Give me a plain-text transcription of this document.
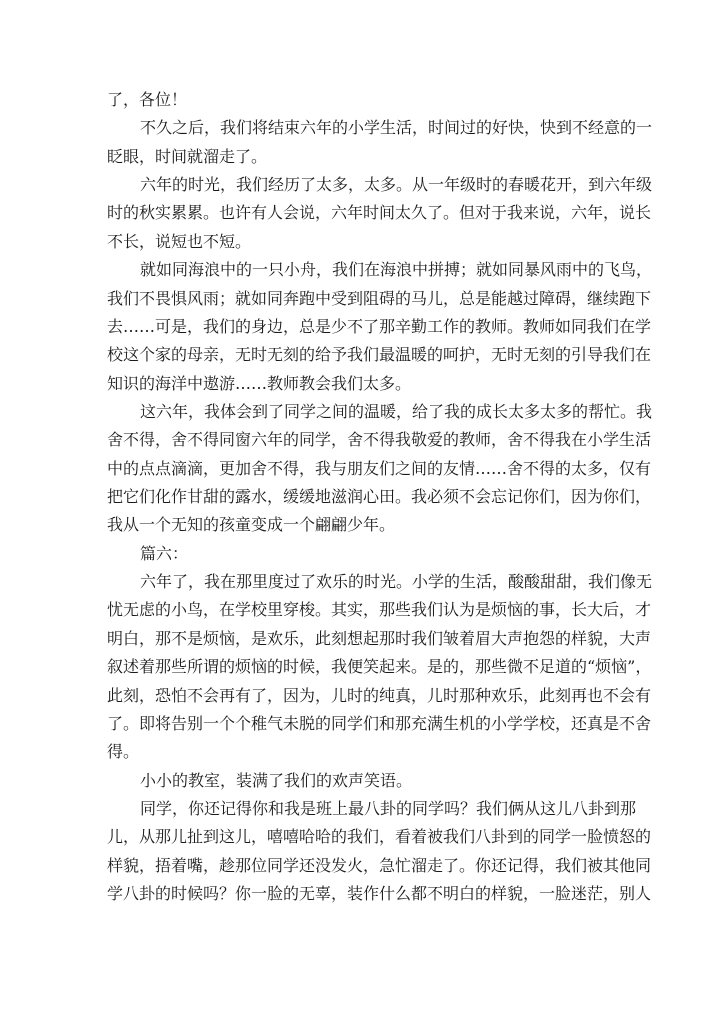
了，各位！
不久之后，我们将结束六年的小学生活，时间过的好快，快到不经意的一
眨眼，时间就溜走了。
六年的时光，我们经历了太多，太多。从一年级时的春暖花开，到六年级
时的秋实累累。也许有人会说，六年时间太久了。但对于我来说，六年，说长
不长，说短也不短。
就如同海浪中的一只小舟，我们在海浪中拼搏；就如同暴风雨中的飞鸟，
我们不畏惧风雨；就如同奔跑中受到阻碍的马儿，总是能越过障碍，继续跑下
去……可是，我们的身边，总是少不了那辛勤工作的教师。教师如同我们在学
校这个家的母亲，无时无刻的给予我们最温暖的呵护，无时无刻的引导我们在
知识的海洋中遨游……教师教会我们太多。
这六年，我体会到了同学之间的温暖，给了我的成长太多太多的帮忙。我
舍不得，舍不得同窗六年的同学，舍不得我敬爱的教师，舍不得我在小学生活
中的点点滴滴，更加舍不得，我与朋友们之间的友情……舍不得的太多，仅有
把它们化作甘甜的露水，缓缓地滋润心田。我必须不会忘记你们，因为你们，
我从一个无知的孩童变成一个翩翩少年。
篇六：
六年了，我在那里度过了欢乐的时光。小学的生活，酸酸甜甜，我们像无
忧无虑的小鸟，在学校里穿梭。其实，那些我们认为是烦恼的事，长大后，才
明白，那不是烦恼，是欢乐，此刻想起那时我们皱着眉大声抱怨的样貌，大声
叙述着那些所谓的烦恼的时候，我便笑起来。是的，那些微不足道的“烦恼”，
此刻，恐怕不会再有了，因为，儿时的纯真，儿时那种欢乐，此刻再也不会有
了。即将告别一个个稚气未脱的同学们和那充满生机的小学学校，还真是不舍
得。
小小的教室，装满了我们的欢声笑语。
同学，你还记得你和我是班上最八卦的同学吗？我们俩从这儿八卦到那
儿，从那儿扯到这儿，嘻嘻哈哈的我们，看着被我们八卦到的同学一脸愤怒的
样貌，捂着嘴，趁那位同学还没发火，急忙溜走了。你还记得，我们被其他同
学八卦的时候吗？你一脸的无辜，装作什么都不明白的样貌，一脸迷茫，别人
